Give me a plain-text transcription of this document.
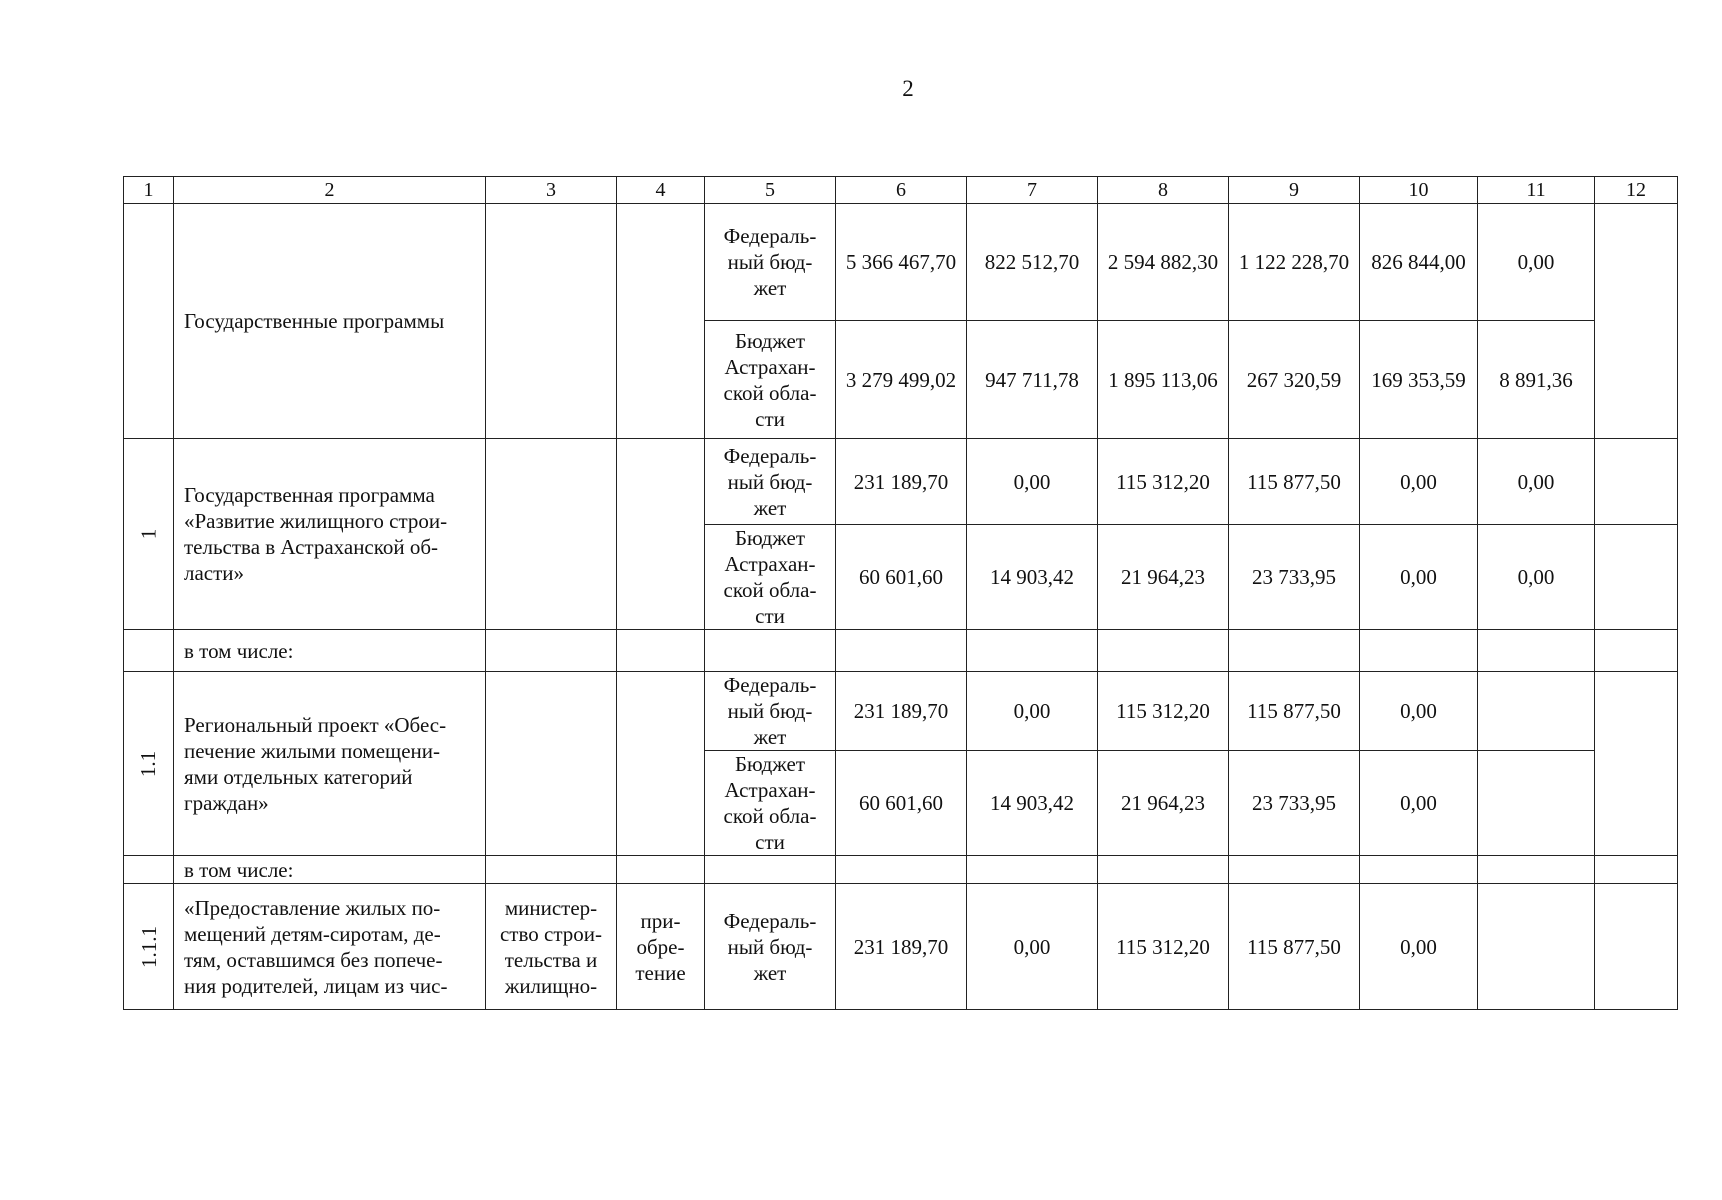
2
1	2	3	4	5	6	7	8	9	10	11	12
	Государственные программы			Федераль-
ный бюд-
жет	5 366 467,70	822 512,70	2 594 882,30	1 122 228,70	826 844,00	0,00	
				Бюджет
Астрахан-
ской обла-
сти	3 279 499,02	947 711,78	1 895 113,06	267 320,59	169 353,59	8 891,36	
1	Государственная программа
«Развитие жилищного строи-
тельства в Астраханской об-
ласти»			Федераль-
ный бюд-
жет	231 189,70	0,00	115 312,20	115 877,50	0,00	0,00	
				Бюджет
Астрахан-
ской обла-
сти	60 601,60	14 903,42	21 964,23	23 733,95	0,00	0,00	
	в том числе:										
1.1	Региональный проект «Обес-
печение жилыми помещени-
ями отдельных категорий
граждан»			Федераль-
ный бюд-
жет	231 189,70	0,00	115 312,20	115 877,50	0,00		
				Бюджет
Астрахан-
ской обла-
сти	60 601,60	14 903,42	21 964,23	23 733,95	0,00		
	в том числе:										
1.1.1	«Предоставление жилых по-
мещений детям-сиротам, де-
тям, оставшимся без попече-
ния родителей, лицам из чис-	министер-
ство строи-
тельства и
жилищно-	при-
обре-
тение	Федераль-
ный бюд-
жет	231 189,70	0,00	115 312,20	115 877,50	0,00		
